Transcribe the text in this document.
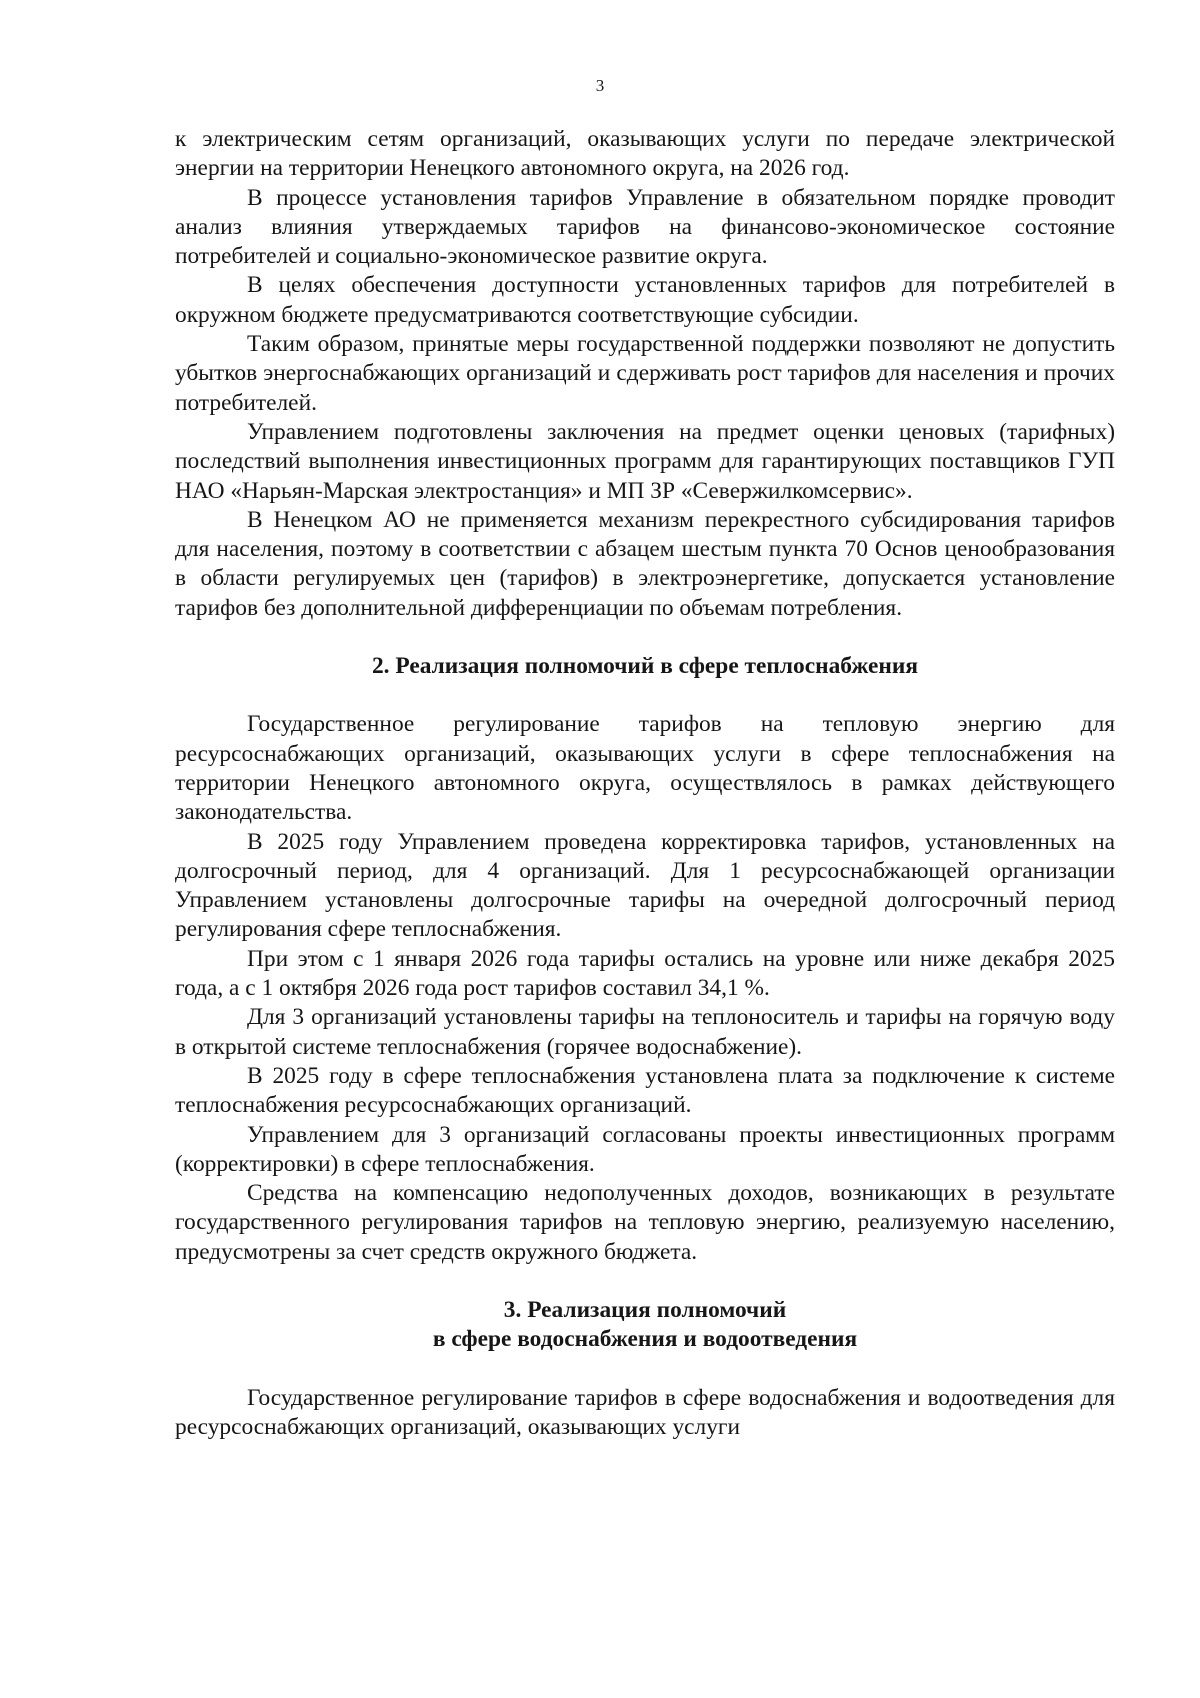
3

к электрическим сетям организаций, оказывающих услуги по передаче электрической энергии на территории Ненецкого автономного округа, на 2026 год.

В процессе установления тарифов Управление в обязательном порядке проводит анализ влияния утверждаемых тарифов на финансово-экономическое состояние потребителей и социально-экономическое развитие округа.

В целях обеспечения доступности установленных тарифов для потребителей в окружном бюджете предусматриваются соответствующие субсидии.

Таким образом, принятые меры государственной поддержки позволяют не допустить убытков энергоснабжающих организаций и сдерживать рост тарифов для населения и прочих потребителей.

Управлением подготовлены заключения на предмет оценки ценовых (тарифных) последствий выполнения инвестиционных программ для гарантирующих поставщиков ГУП НАО «Нарьян-Марская электростанция» и МП ЗР «Севержилкомсервис».

В Ненецком АО не применяется механизм перекрестного субсидирования тарифов для населения, поэтому в соответствии с абзацем шестым пункта 70 Основ ценообразования в области регулируемых цен (тарифов) в электроэнергетике, допускается установление тарифов без дополнительной дифференциации по объемам потребления.

2. Реализация полномочий в сфере теплоснабжения

Государственное регулирование тарифов на тепловую энергию для ресурсоснабжающих организаций, оказывающих услуги в сфере теплоснабжения на территории Ненецкого автономного округа, осуществлялось в рамках действующего законодательства.

В 2025 году Управлением проведена корректировка тарифов, установленных на долгосрочный период, для 4 организаций. Для 1 ресурсоснабжающей организации Управлением установлены долгосрочные тарифы на очередной долгосрочный период регулирования сфере теплоснабжения.

При этом с 1 января 2026 года тарифы остались на уровне или ниже декабря 2025 года, а с 1 октября 2026 года рост тарифов составил 34,1 %.

Для 3 организаций установлены тарифы на теплоноситель и тарифы на горячую воду в открытой системе теплоснабжения (горячее водоснабжение).

В 2025 году в сфере теплоснабжения установлена плата за подключение к системе теплоснабжения ресурсоснабжающих организаций.

Управлением для 3 организаций согласованы проекты инвестиционных программ (корректировки) в сфере теплоснабжения.

Средства на компенсацию недополученных доходов, возникающих в результате государственного регулирования тарифов на тепловую энергию, реализуемую населению, предусмотрены за счет средств окружного бюджета.

3. Реализация полномочий
в сфере водоснабжения и водоотведения

Государственное регулирование тарифов в сфере водоснабжения и водоотведения для ресурсоснабжающих организаций, оказывающих услуги
